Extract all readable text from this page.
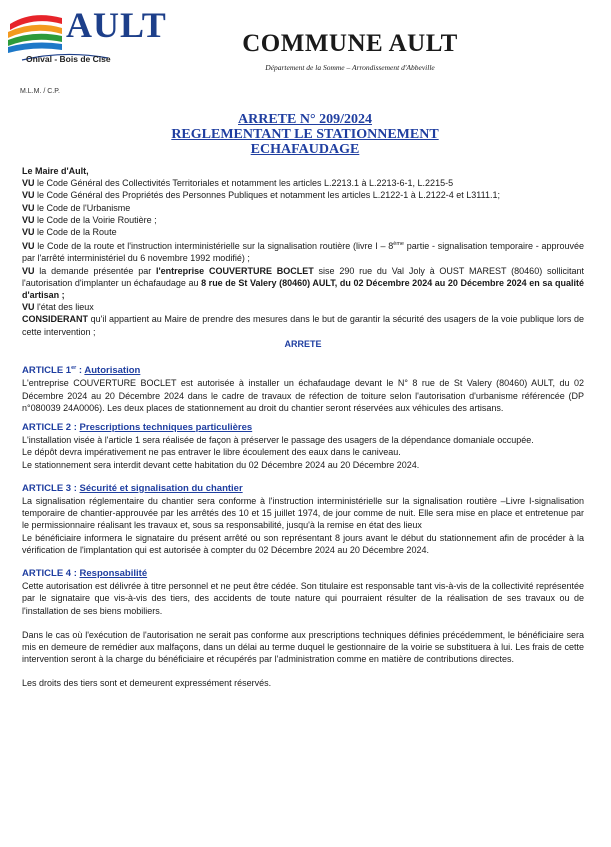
AULT
Onival - Bois de Cise
M.L.M. / C.P.
COMMUNE AULT
Département de la Somme – Arrondissement d'Abbeville
ARRETE N° 209/2024
REGLEMENTANT LE STATIONNEMENT
ECHAFAUDAGE

Le Maire d'Ault,

VU le Code Général des Collectivités Territoriales et notamment les articles L.2213.1 à L.2213-6-1, L.2215-5

VU le Code Général des Propriétés des Personnes Publiques et notamment les articles L.2122-1 à L.2122-4 et L3111.1;

VU le Code de l'Urbanisme

VU le Code de la Voirie Routière ;

VU le Code de la Route

VU le Code de la route et l'instruction interministérielle sur la signalisation routière (livre I – 8ème partie - signalisation temporaire - approuvée par l'arrêté interministériel du 6 novembre 1992 modifié) ;

VU la demande présentée par l'entreprise COUVERTURE BOCLET sise 290 rue du Val Joly à OUST MAREST (80460) sollicitant l'autorisation d'implanter un échafaudage au 8 rue de St Valery (80460) AULT, du 02 Décembre 2024 au 20 Décembre 2024 en sa qualité d'artisan ;

VU l'état des lieux

CONSIDERANT qu'il appartient au Maire de prendre des mesures dans le but de garantir la sécurité des usagers de la voie publique lors de cette intervention ;

ARRETE

ARTICLE 1er : Autorisation

L'entreprise COUVERTURE BOCLET est autorisée à installer un échafaudage devant le N° 8 rue de St Valery (80460) AULT, du 02 Décembre 2024 au 20 Décembre 2024 dans le cadre de travaux de réfection de toiture selon l'autorisation d'urbanisme référencée (DP n°080039 24A0006). Les deux places de stationnement au droit du chantier seront réservées aux véhicules des artisans.

ARTICLE 2 : Prescriptions techniques particulières

L'installation visée à l'article 1 sera réalisée de façon à préserver le passage des usagers de la dépendance domaniale occupée.

Le dépôt devra impérativement ne pas entraver le libre écoulement des eaux dans le caniveau.

Le stationnement sera interdit devant cette habitation du 02 Décembre 2024 au 20 Décembre 2024.

ARTICLE 3 : Sécurité et signalisation du chantier

La signalisation réglementaire du chantier sera conforme à l'instruction interministérielle sur la signalisation routière –Livre I-signalisation temporaire de chantier-approuvée par les arrêtés des 10 et 15 juillet 1974, de jour comme de nuit. Elle sera mise en place et entretenue par le permissionnaire réalisant les travaux et, sous sa responsabilité, jusqu'à la remise en état des lieux

Le bénéficiaire informera le signataire du présent arrêté ou son représentant 8 jours avant le début du stationnement afin de procéder à la vérification de l'implantation qui est autorisée à compter du 02 Décembre 2024 au 20 Décembre 2024.

ARTICLE 4 : Responsabilité

Cette autorisation est délivrée à titre personnel et ne peut être cédée. Son titulaire est responsable tant vis-à-vis de la collectivité représentée par le signataire que vis-à-vis des tiers, des accidents de toute nature qui pourraient résulter de la réalisation de ses travaux ou de l'installation de ses biens mobiliers.

Dans le cas où l'exécution de l'autorisation ne serait pas conforme aux prescriptions techniques définies précédemment, le bénéficiaire sera mis en demeure de remédier aux malfaçons, dans un délai au terme duquel le gestionnaire de la voirie se substituera à lui. Les frais de cette intervention seront à la charge du bénéficiaire et récupérés par l'administration comme en matière de contributions directes.

Les droits des tiers sont et demeurent expressément réservés.
